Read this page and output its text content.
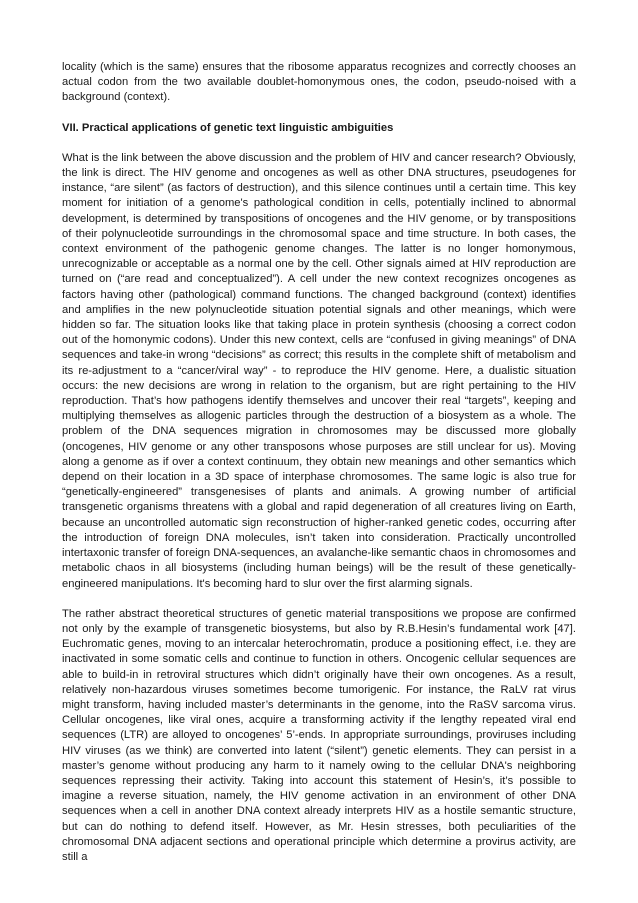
locality (which is the same) ensures that the ribosome apparatus recognizes and correctly chooses an actual codon from the two available doublet-homonymous ones, the codon, pseudo-noised with a background (context).

VII. Practical applications of genetic text linguistic ambiguities

What is the link between the above discussion and the problem of HIV and cancer research? Obviously, the link is direct. The HIV genome and oncogenes as well as other DNA structures, pseudogenes for instance, “are silent” (as factors of destruction), and this silence continues until a certain time. This key moment for initiation of a genome's pathological condition in cells, potentially inclined to abnormal development, is determined by transpositions of oncogenes and the HIV genome, or by transpositions of their polynucleotide surroundings in the chromosomal space and time structure. In both cases, the context environment of the pathogenic genome changes. The latter is no longer homonymous, unrecognizable or acceptable as a normal one by the cell. Other signals aimed at HIV reproduction are turned on (“are read and conceptualized”). A cell under the new context recognizes oncogenes as factors having other (pathological) command functions. The changed background (context) identifies and amplifies in the new polynucleotide situation potential signals and other meanings, which were hidden so far. The situation looks like that taking place in protein synthesis (choosing a correct codon out of the homonymic codons). Under this new context, cells are “confused in giving meanings” of DNA sequences and take-in wrong “decisions” as correct; this results in the complete shift of metabolism and its re-adjustment to a “cancer/viral way” - to reproduce the HIV genome. Here, a dualistic situation occurs: the new decisions are wrong in relation to the organism, but are right pertaining to the HIV reproduction. That’s how pathogens identify themselves and uncover their real “targets”, keeping and multiplying themselves as allogenic particles through the destruction of a biosystem as a whole. The problem of the DNA sequences migration in chromosomes may be discussed more globally (oncogenes, HIV genome or any other transposons whose purposes are still unclear for us). Moving along a genome as if over a context continuum, they obtain new meanings and other semantics which depend on their location in a 3D space of interphase chromosomes. The same logic is also true for “genetically-engineered” transgenesises of plants and animals. A growing number of artificial transgenetic organisms threatens with a global and rapid degeneration of all creatures living on Earth, because an uncontrolled automatic sign reconstruction of higher-ranked genetic codes, occurring after the introduction of foreign DNA molecules, isn’t taken into consideration. Practically uncontrolled intertaxonic transfer of foreign DNA-sequences, an avalanche-like semantic chaos in chromosomes and metabolic chaos in all biosystems (including human beings) will be the result of these genetically-engineered manipulations. It's becoming hard to slur over the first alarming signals.

The rather abstract theoretical structures of genetic material transpositions we propose are confirmed not only by the example of transgenetic biosystems, but also by R.B.Hesin’s fundamental work [47]. Euchromatic genes, moving to an intercalar heterochromatin, produce a positioning effect, i.e. they are inactivated in some somatic cells and continue to function in others. Oncogenic cellular sequences are able to build-in in retroviral structures which didn’t originally have their own oncogenes. As a result, relatively non-hazardous viruses sometimes become tumorigenic. For instance, the RaLV rat virus might transform, having included master’s determinants in the genome, into the RaSV sarcoma virus. Cellular oncogenes, like viral ones, acquire a transforming activity if the lengthy repeated viral end sequences (LTR) are alloyed to oncogenes’ 5’-ends. In appropriate surroundings, proviruses including HIV viruses (as we think) are converted into latent (“silent”) genetic elements. They can persist in a master’s genome without producing any harm to it namely owing to the cellular DNA's neighboring sequences repressing their activity. Taking into account this statement of Hesin’s, it’s possible to imagine a reverse situation, namely, the HIV genome activation in an environment of other DNA sequences when a cell in another DNA context already interprets HIV as a hostile semantic structure, but can do nothing to defend itself. However, as Mr. Hesin stresses, both peculiarities of the chromosomal DNA adjacent sections and operational principle which determine a provirus activity, are still a
